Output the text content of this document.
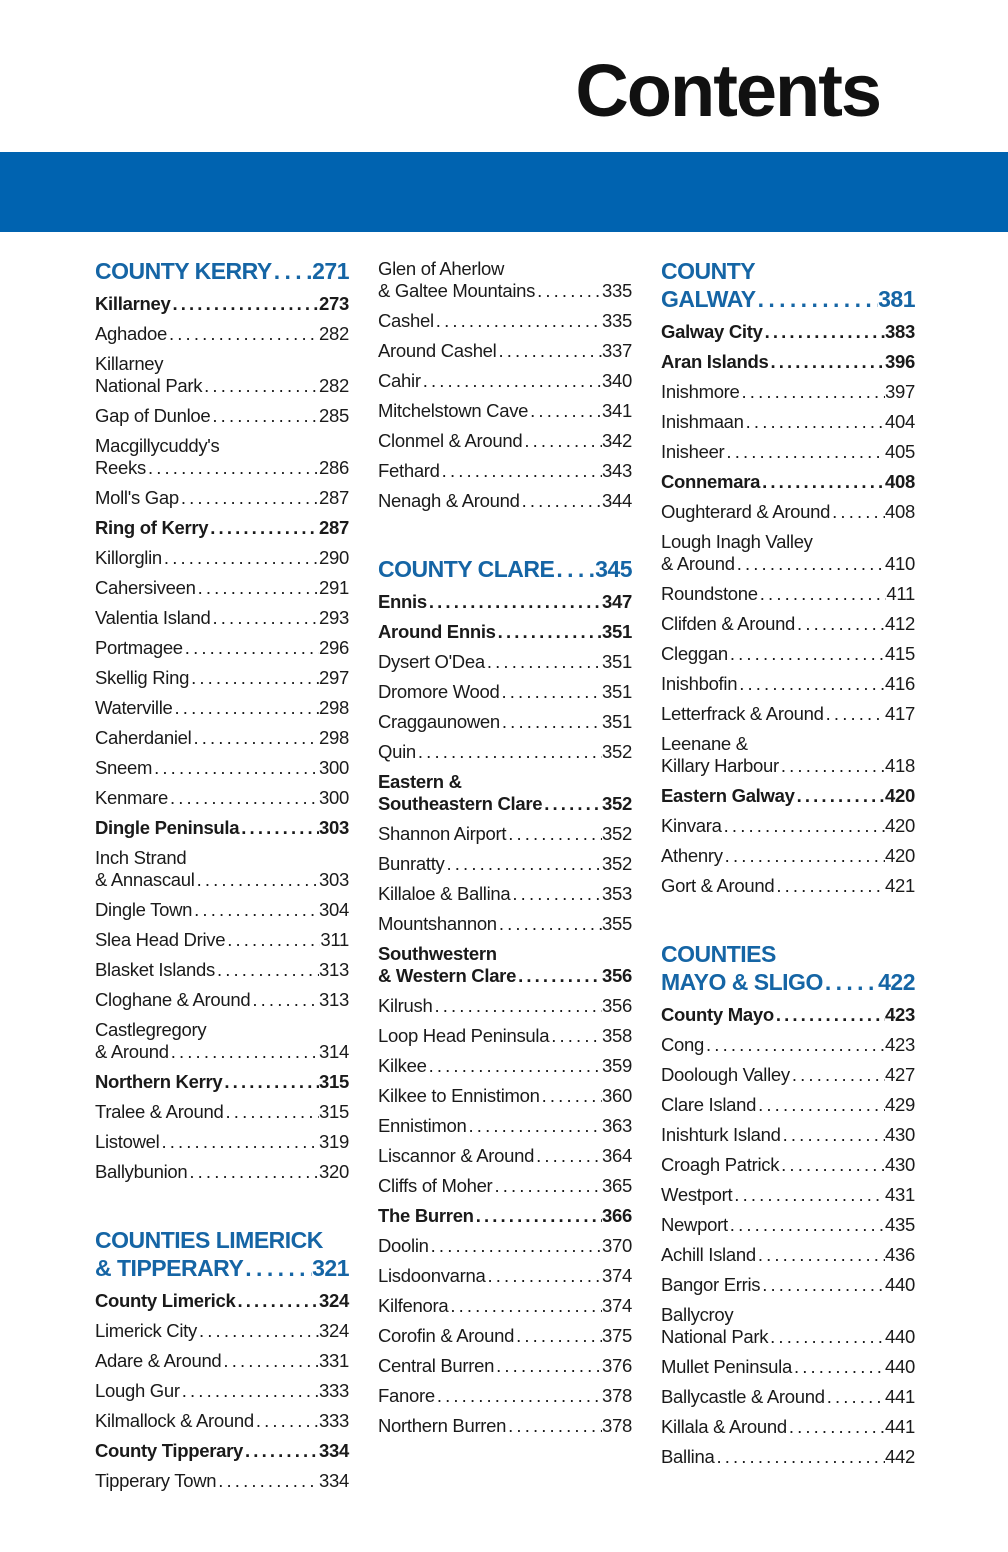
Contents
COUNTY KERRY . . . 271
Killarney . . .	273
Aghadoe . . .	282
Killarney
National Park . . .	282
Gap of Dunloe . . .	285
Macgillycuddy's
Reeks . . .	286
Moll's Gap . . .	287
Ring of Kerry . . .	287
Killorglin . . .	290
Cahersiveen . . .	291
Valentia Island . . .	293
Portmagee . . .	296
Skellig Ring . . .	297
Waterville . . .	298
Caherdaniel . . .	298
Sneem . . .	300
Kenmare . . .	300
Dingle Peninsula . . .	303
Inch Strand
& Annascaul . . .	303
Dingle Town . . .	304
Slea Head Drive . . .	311
Blasket Islands . . .	313
Cloghane & Around . . .	313
Castlegregory
& Around . . .	314
Northern Kerry . . .	315
Tralee & Around . . .	315
Listowel . . .	319
Ballybunion . . .	320
COUNTIES LIMERICK
& TIPPERARY . . .	321
County Limerick . . .	324
Limerick City . . .	324
Adare & Around . . .	331
Lough Gur . . .	333
Kilmallock & Around . . .	333
County Tipperary . . .	334
Tipperary Town . . .	334
Glen of Aherlow
& Galtee Mountains . . .	335
Cashel . . .	335
Around Cashel . . .	337
Cahir . . .	340
Mitchelstown Cave . . .	341
Clonmel & Around . . .	342
Fethard . . .	343
Nenagh & Around . . .	344
COUNTY CLARE . . . 345
Ennis . . .	347
Around Ennis . . .	351
Dysert O'Dea . . .	351
Dromore Wood . . .	351
Craggaunowen . . .	351
Quin . . .	352
Eastern &
Southeastern Clare . . .	352
Shannon Airport . . .	352
Bunratty . . .	352
Killaloe & Ballina . . .	353
Mountshannon . . .	355
Southwestern
& Western Clare . . .	356
Kilrush . . .	356
Loop Head Peninsula . . .	358
Kilkee . . .	359
Kilkee to Ennistimon . . .	360
Ennistimon . . .	363
Liscannor & Around . . .	364
Cliffs of Moher . . .	365
The Burren . . .	366
Doolin . . .	370
Lisdoonvarna . . .	374
Kilfenora . . .	374
Corofin & Around . . .	375
Central Burren . . .	376
Fanore . . .	378
Northern Burren . . .	378
COUNTY
GALWAY . . .	381
Galway City . . .	383
Aran Islands . . .	396
Inishmore . . .	397
Inishmaan . . .	404
Inisheer . . .	405
Connemara . . .	408
Oughterard & Around . . .	408
Lough Inagh Valley
& Around . . .	410
Roundstone . . .	411
Clifden & Around . . .	412
Cleggan . . .	415
Inishbofin . . .	416
Letterfrack & Around . . .	417
Leenane &
Killary Harbour . . .	418
Eastern Galway . . .	420
Kinvara . . .	420
Athenry . . .	420
Gort & Around . . .	421
COUNTIES
MAYO & SLIGO . . . 422
County Mayo . . .	423
Cong . . .	423
Doolough Valley . . .	427
Clare Island . . .	429
Inishturk Island . . .	430
Croagh Patrick . . .	430
Westport . . .	431
Newport . . .	435
Achill Island . . .	436
Bangor Erris . . .	440
Ballycroy
National Park . . .	440
Mullet Peninsula . . .	440
Ballycastle & Around . . .	441
Killala & Around . . .	441
Ballina . . .	442
